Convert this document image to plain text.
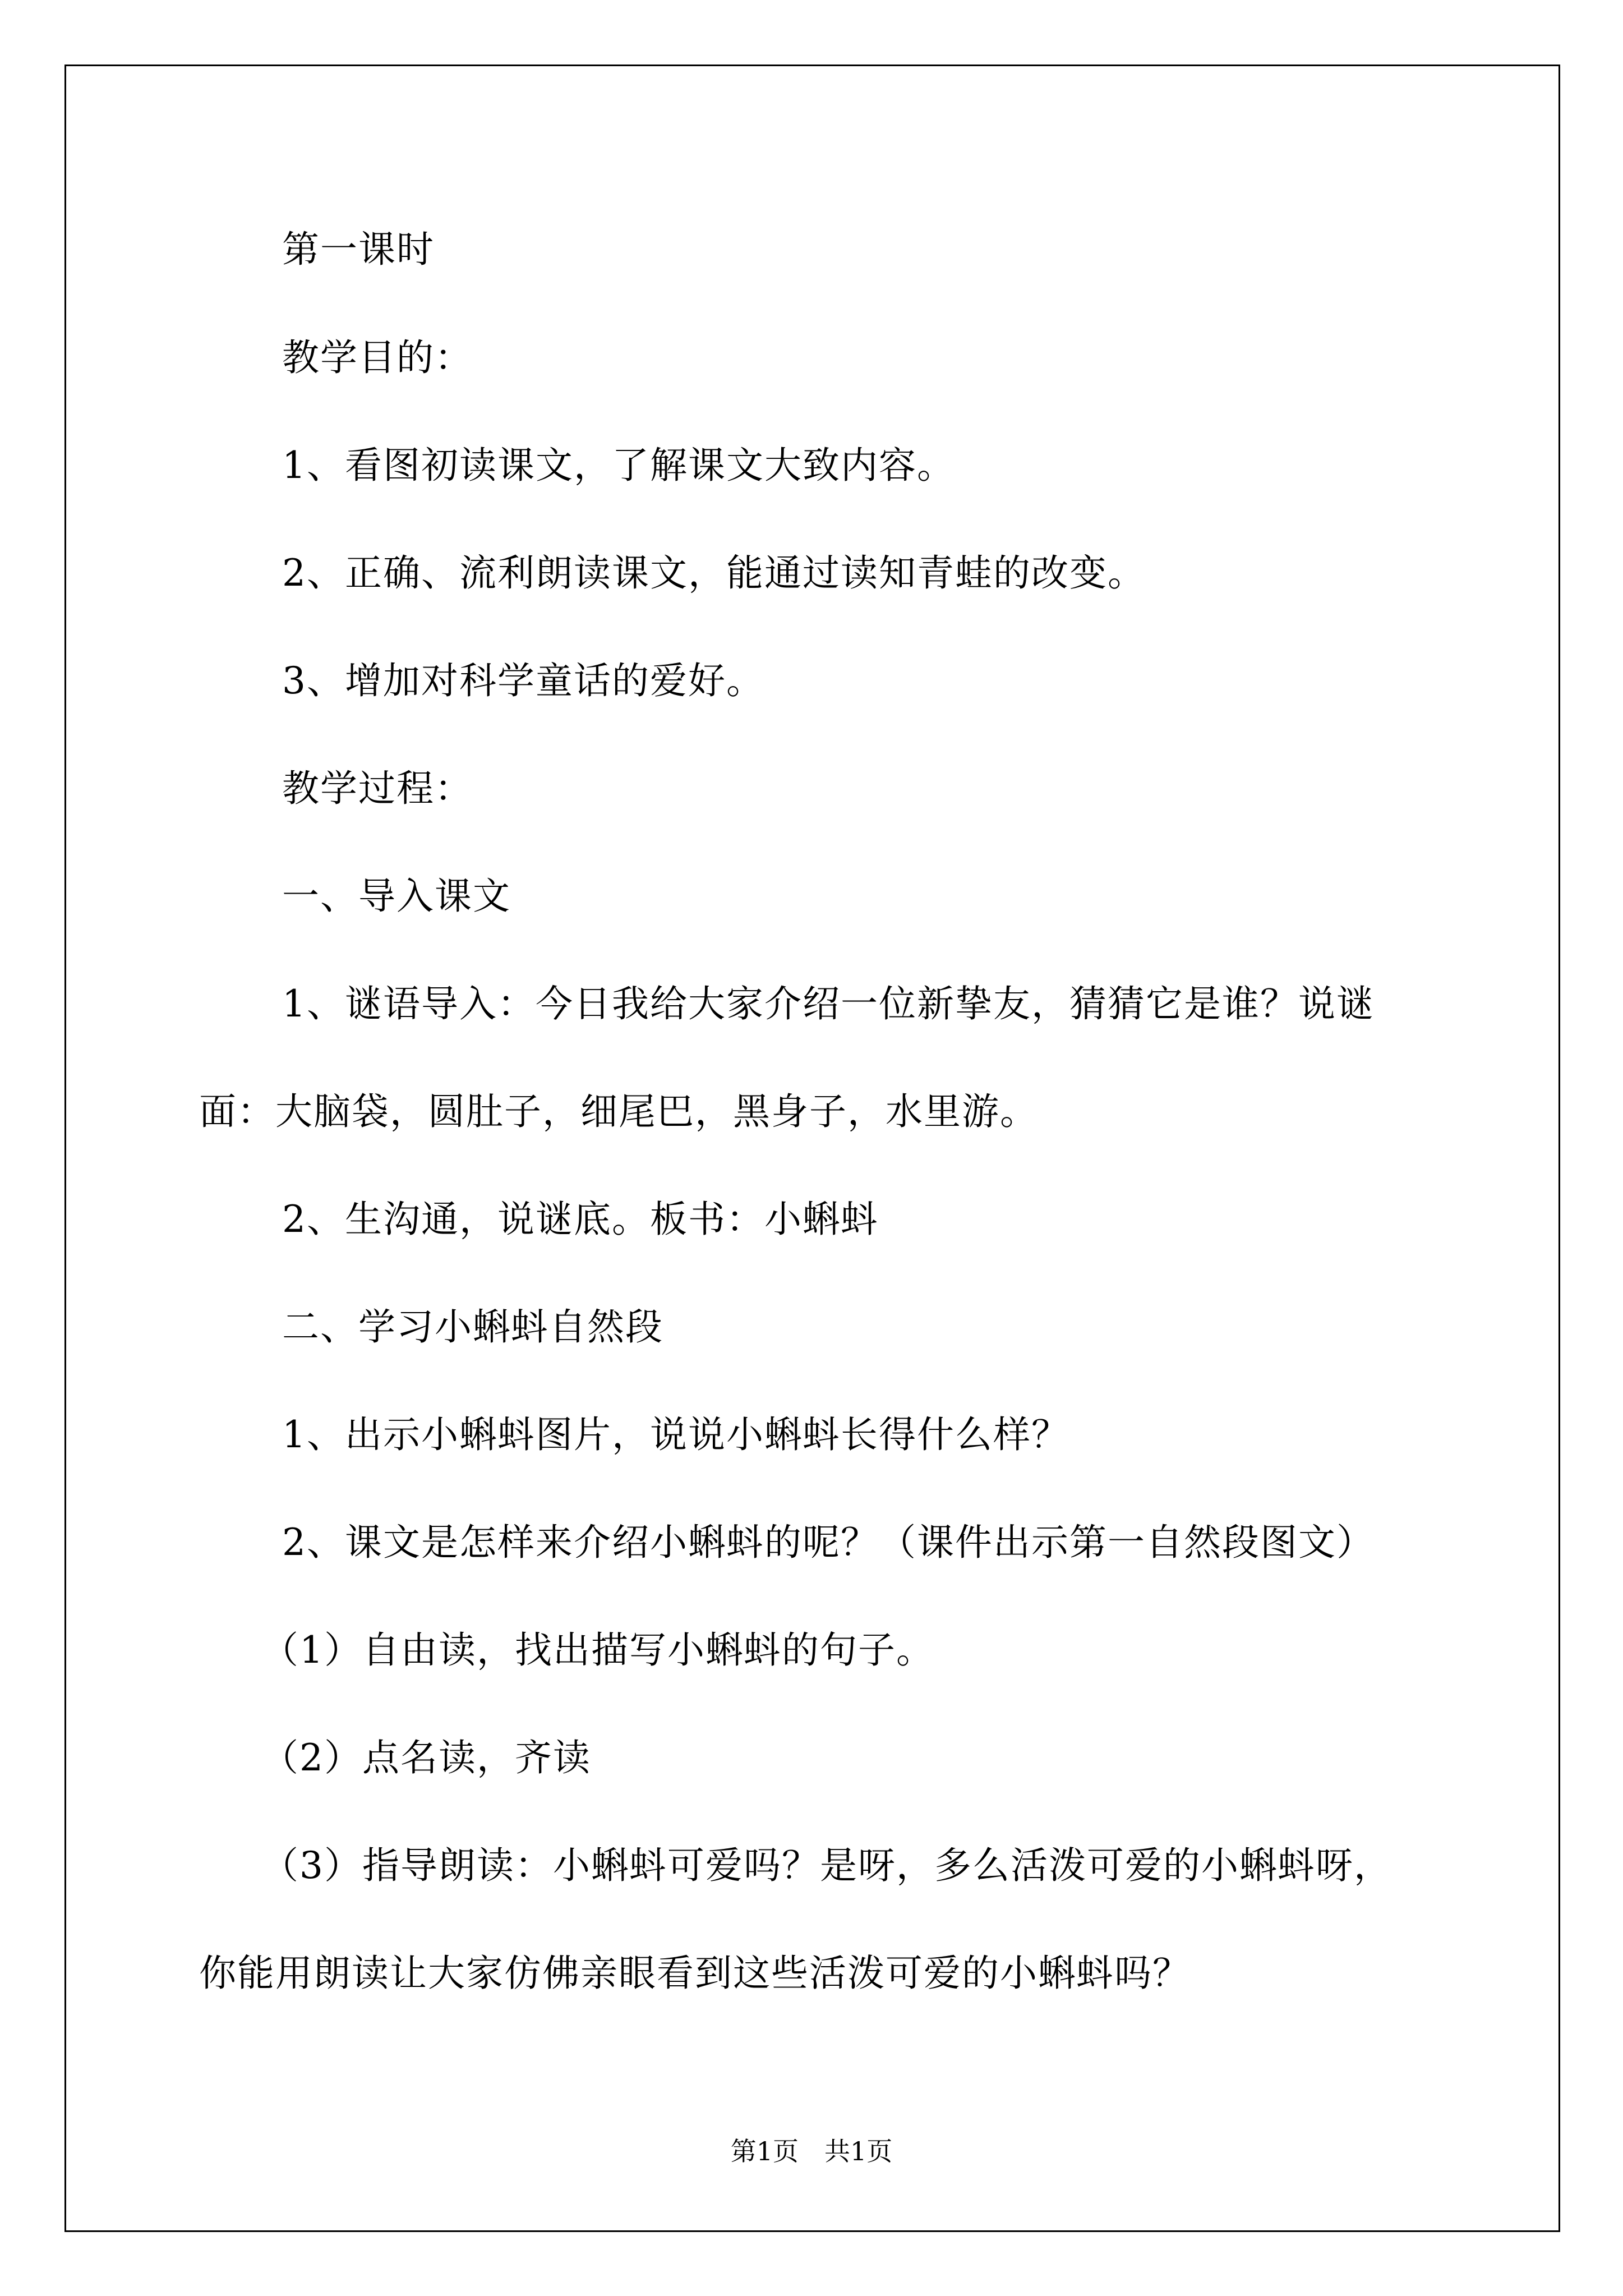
第一课时
教学目的：
1、看图初读课文，了解课文大致内容。
2、正确、流利朗读课文，能通过读知青蛙的改变。
3、增加对科学童话的爱好。
教学过程：
一、导入课文
1、谜语导入：今日我给大家介绍一位新挚友，猜猜它是谁？说谜
面：大脑袋，圆肚子，细尾巴，黑身子，水里游。
2、生沟通，说谜底。板书：小蝌蚪
二、学习小蝌蚪自然段
1、出示小蝌蚪图片，说说小蝌蚪长得什么样？
2、课文是怎样来介绍小蝌蚪的呢？（课件出示第一自然段图文）
（1）自由读，找出描写小蝌蚪的句子。
（2）点名读，齐读
（3）指导朗读：小蝌蚪可爱吗？是呀，多么活泼可爱的小蝌蚪呀，
你能用朗读让大家仿佛亲眼看到这些活泼可爱的小蝌蚪吗？
第1页　共1页
